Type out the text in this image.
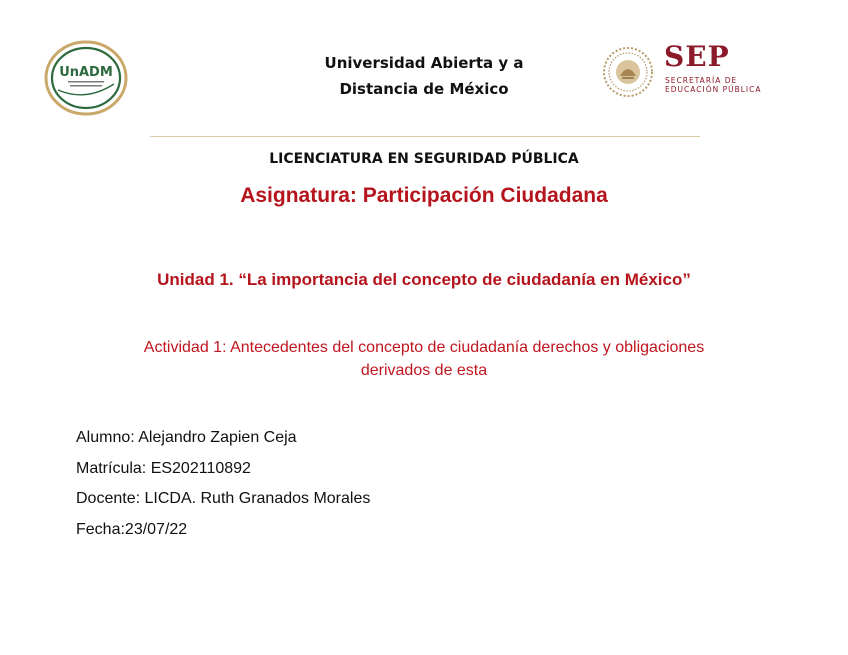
UnADM
Universidad Abierta y a
Distancia de México
SEP
SECRETARÍA DE
EDUCACIÓN PÚBLICA
LICENCIATURA EN SEGURIDAD PÚBLICA
Asignatura: Participación Ciudadana
Unidad 1. “La importancia del concepto de ciudadanía en México”
Actividad 1: Antecedentes del concepto de ciudadanía derechos y obligaciones
derivados de esta
Alumno: Alejandro Zapien Ceja
Matrícula: ES202110892
Docente: LICDA. Ruth Granados Morales
Fecha:23/07/22
